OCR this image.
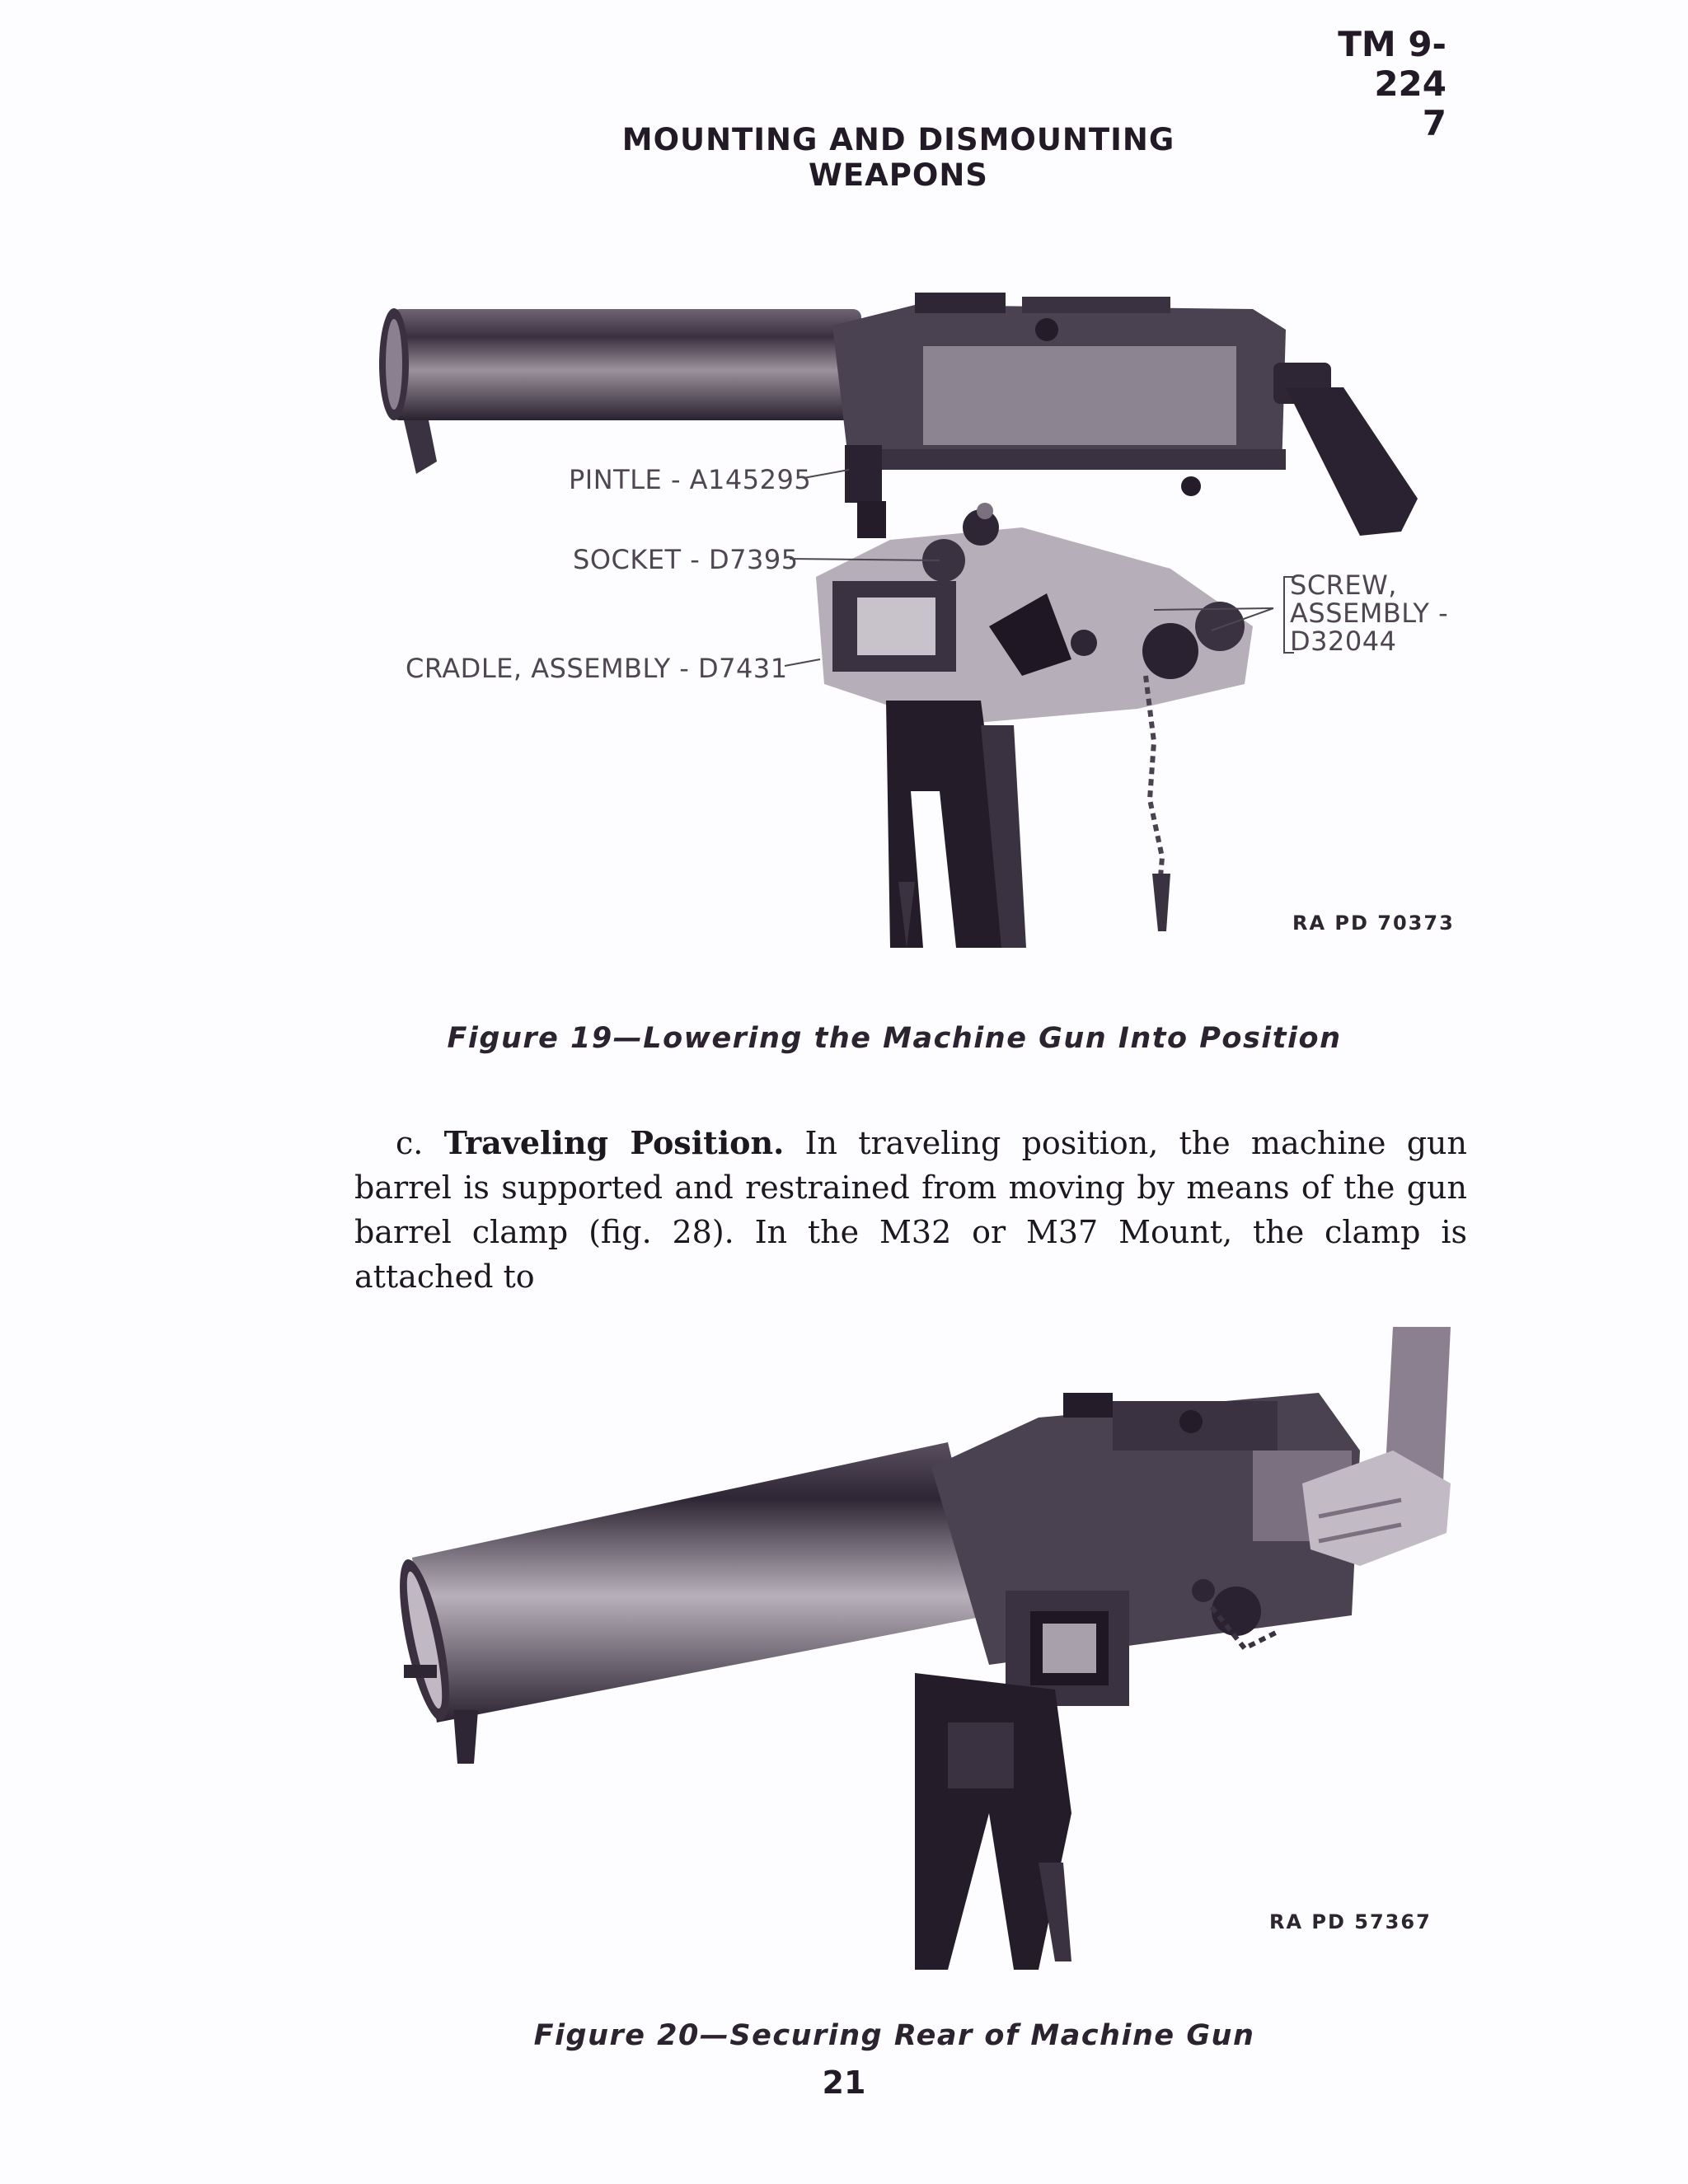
TM 9-224
7
MOUNTING AND DISMOUNTING WEAPONS
PINTLE - A145295
SOCKET - D7395
CRADLE, ASSEMBLY - D7431
SCREW,
ASSEMBLY -
D32044
RA PD 70373
Figure 19—Lowering the Machine Gun Into Position

c. Traveling Position. In traveling position, the machine gun barrel is supported and restrained from moving by means of the gun barrel clamp (fig. 28). In the M32 or M37 Mount, the clamp is attached to

RA PD 57367
Figure 20—Securing Rear of Machine Gun
21
